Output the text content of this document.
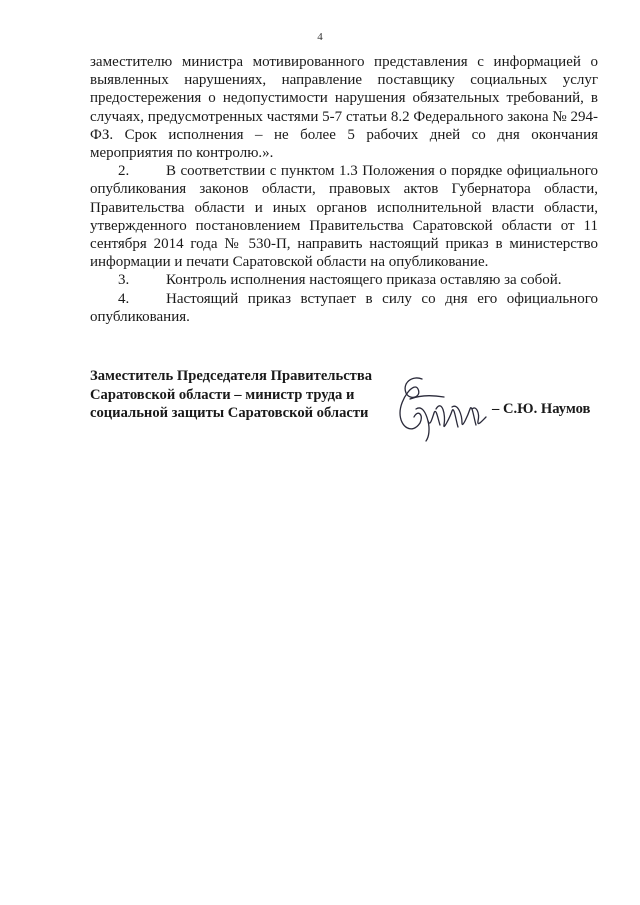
4

заместителю министра мотивированного представления с информацией о выявленных нарушениях, направление поставщику социальных услуг предостережения о недопустимости нарушения обязательных требований, в случаях, предусмотренных частями 5-7 статьи 8.2 Федерального закона № 294-ФЗ. Срок исполнения – не более 5 рабочих дней со дня окончания мероприятия по контролю.».

2. В соответствии с пунктом 1.3 Положения о порядке официального опубликования законов области, правовых актов Губернатора области, Правительства области и иных органов исполнительной власти области, утвержденного постановлением Правительства Саратовской области от 11 сентября 2014 года № 530-П, направить настоящий приказ в министерство информации и печати Саратовской области на опубликование.

3. Контроль исполнения настоящего приказа оставляю за собой.

4. Настоящий приказ вступает в силу со дня его официального опубликования.

Заместитель Председателя Правительства
Саратовской области – министр труда и
социальной защиты Саратовской области	– С.Ю. Наумов
